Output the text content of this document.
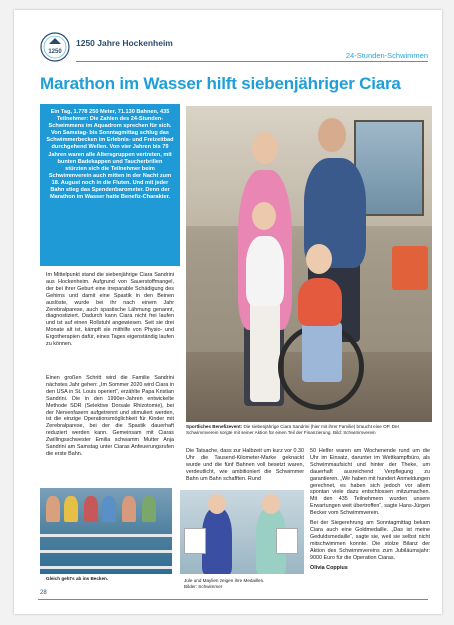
1250
1250 Jahre Hockenheim
24-Stunden-Schwimmen
Marathon im Wasser hilft siebenjähriger Ciara
Ein Tag, 1.778 250 Meter, 71.130 Bahnen, 435 Teilnehmer: Die Zahlen des 24-Stunden-Schwimmens im Aquadrom sprechen für sich. Von Samstag- bis Sonntagmittag schlug das Schwimmerbecken im Erlebnis- und Freizeitbad durchgehend Wellen. Von vier Jahren bis 79 Jahren waren alle Altersgruppen vertreten, mit bunten Badekappen und Taucherbrillen stürzten sich die Teilnehmer beim Schwimmverein auch mitten in der Nacht zum 18. August noch in die Fluten. Und mit jeder Bahn stieg das Spendenbarometer. Denn der Marathon im Wasser hatte Benefiz-Charakter.

Im Mittelpunkt stand die siebenjährige Ciara Sandrini aus Hockenheim. Aufgrund von Sauerstoffmangel, der bei ihrer Geburt eine irreparable Schädigung des Gehirns und damit eine Spastik in den Beinen auslöste, wurde bei ihr nach einem Jahr Zerebralparese, auch spastische Lähmung genannt, diagnostiziert. Dadurch kann Ciara nicht frei laufen und ist auf einen Rollstuhl angewiesen. Seit sie drei Monate alt ist, kämpft sie mithilfe von Physio- und Ergotherapien dafür, eines Tages eigenständig laufen zu können.

Einen großen Schritt wird die Familie Sandrini nächstes Jahr gehen: „Im Sommer 2020 wird Ciara in den USA in St. Louis operiert“, erzählte Papa Kristian Sandrini. Die in den 1990er-Jahren entwickelte Methode SDR (Selektive Dorsale Rhizotomie), bei der Nervenfasern aufgetrennt und stimuliert werden, ist die einzige Operationsmöglichkeit für Kinder mit Zerebralparese, bei der die Spastik dauerhaft reduziert werden kann. Gemeinsam mit Ciaras Zwillingsschwester Emilia schwamm Mutter Anja Sandrini am Samstag unter Ciaras Anfeuerungsrufen die erste Bahn.

Sportliches Benefizevent: Die siebenjährige Ciara Sandrini (hier mit ihrer Familie) braucht eine OP. Der Schwimmverein sorgte mit seiner Aktion für einen Teil der Finanzierung. Bild: Schwimmverein

Die Tatsache, dass zur Halbzeit um kurz vor 0.30 Uhr die Tausend-Kilometer-Marke geknackt wurde und die fünf Bahnen voll besetzt waren, verdeutlicht, wie ambitioniert die Schwimmer Bahn um Bahn schafften. Rund

50 Helfer waren am Wochenende rund um die Uhr im Einsatz, darunter im Wettkampfbüro, als Schwimmaufsicht und hinter der Theke, um dauerhaft ausreichend Verpflegung zu garantieren. „Wir haben mit hundert Anmeldungen gerechnet, es haben sich jedoch vor allem spontan viele dazu entschlossen mitzumachen. Mit den 435 Teilnehmern wurden unsere Erwartungen weit übertroffen“, sagte Hans-Jürgen Becker vom Schwimmverein.

Bei der Siegerehrung am Sonntagmittag bekam Ciara auch eine Goldmedaille. „Das ist meine Geduldsmedaille“, sagte sie, weil sie selbst nicht mitschwimmen konnte. Die stolze Bilanz der Aktion des Schwimmvereins zum Jubiläumsjahr: 9000 Euro für die Operation Ciaras.

Olivia Coppius

Gleich geht's ab ins Becken.	Jule und Maylien zeigen ihre Medaillen.
Bilder: Schwimmer
28
